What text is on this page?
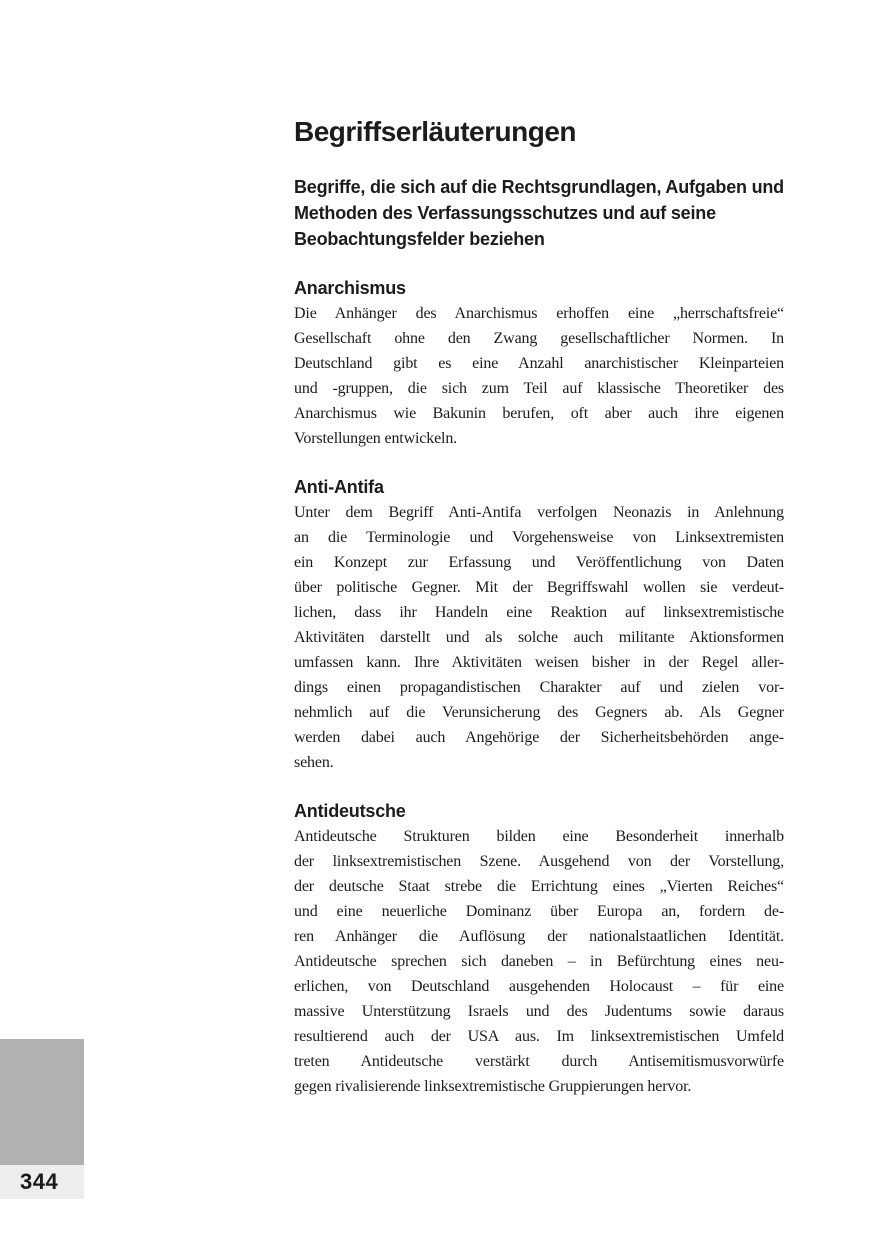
Begriffserläuterungen
Begriffe, die sich auf die Rechtsgrundlagen, Aufgaben und
Methoden des Verfassungsschutzes und auf seine
Beobachtungsfelder beziehen
Anarchismus
Die Anhänger des Anarchismus erhoffen eine „herrschaftsfreie“
Gesellschaft ohne den Zwang gesellschaftlicher Normen. In
Deutschland gibt es eine Anzahl anarchistischer Kleinparteien
und -gruppen, die sich zum Teil auf klassische Theoretiker des
Anarchismus wie Bakunin berufen, oft aber auch ihre eigenen
Vorstellungen entwickeln.
Anti-Antifa
Unter dem Begriff Anti-Antifa verfolgen Neonazis in Anlehnung
an die Terminologie und Vorgehensweise von Linksextremisten
ein Konzept zur Erfassung und Veröffentlichung von Daten
über politische Gegner. Mit der Begriffswahl wollen sie verdeut-
lichen, dass ihr Handeln eine Reaktion auf linksextremistische
Aktivitäten darstellt und als solche auch militante Aktionsformen
umfassen kann. Ihre Aktivitäten weisen bisher in der Regel aller-
dings einen propagandistischen Charakter auf und zielen vor-
nehmlich auf die Verunsicherung des Gegners ab. Als Gegner
werden dabei auch Angehörige der Sicherheitsbehörden ange-
sehen.
Antideutsche
Antideutsche Strukturen bilden eine Besonderheit innerhalb
der linksextremistischen Szene. Ausgehend von der Vorstellung,
der deutsche Staat strebe die Errichtung eines „Vierten Reiches“
und eine neuerliche Dominanz über Europa an, fordern de-
ren Anhänger die Auflösung der nationalstaatlichen Identität.
Antideutsche sprechen sich daneben – in Befürchtung eines neu-
erlichen, von Deutschland ausgehenden Holocaust – für eine
massive Unterstützung Israels und des Judentums sowie daraus
resultierend auch der USA aus. Im linksextremistischen Umfeld
treten Antideutsche verstärkt durch Antisemitismusvorwürfe
gegen rivalisierende linksextremistische Gruppierungen hervor.
344
